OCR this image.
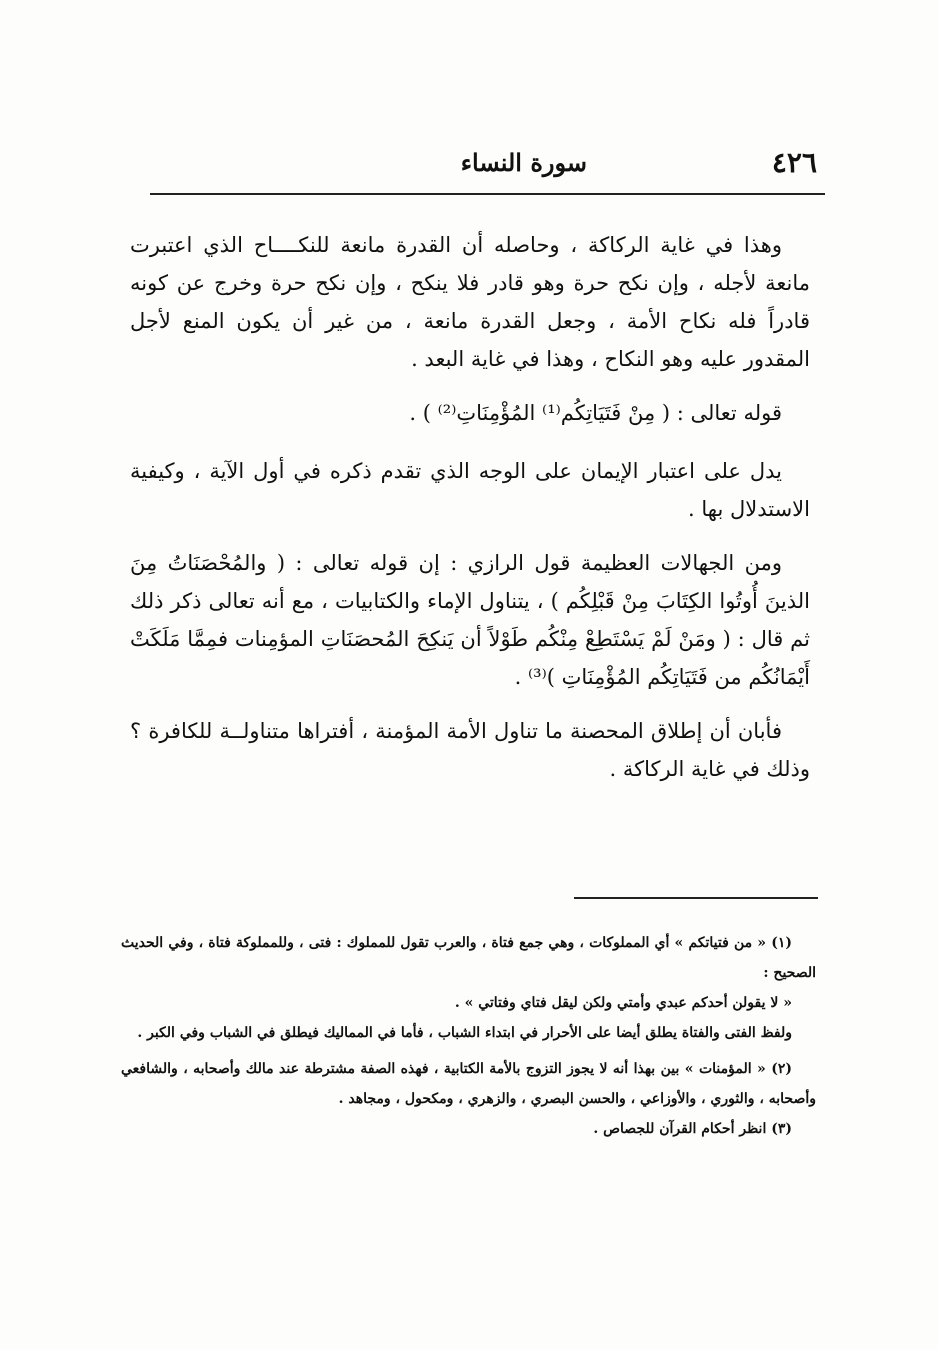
٤٢٦
سورة النساء

وهذا في غاية الركاكة ، وحاصله أن القدرة مانعة للنكــــاح الذي اعتبرت مانعة لأجله ، وإن نكح حرة وهو قادر فلا ينكح ، وإن نكح حرة وخرج عن كونه قادراً فله نكاح الأمة ، وجعل القدرة مانعة ، من غير أن يكون المنع لأجل المقدور عليه وهو النكاح ، وهذا في غاية البعد .

قوله تعالى : ( مِنْ فَتَيَاتِكُم⁽¹⁾ المُؤْمِنَاتِ⁽²⁾ ) .

يدل على اعتبار الإيمان على الوجه الذي تقدم ذكره في أول الآية ، وكيفية الاستدلال بها .

ومن الجهالات العظيمة قول الرازي : إن قوله تعالى : ( والمُحْصَنَاتُ مِنَ الذينَ أُوتُوا الكِتَابَ مِنْ قَبْلِكُم ) ، يتناول الإماء والكتابيات ، مع أنه تعالى ذكر ذلك ثم قال : ( ومَنْ لَمْ يَسْتَطِعْ مِنْكُم طَوْلاً أن يَنكِحَ المُحصَنَاتِ المؤمِنات فمِمَّا مَلَكَتْ أَيْمَانُكُم من فَتَيَاتِكُم المُؤْمِنَاتِ )⁽³⁾ .

فأبان أن إطلاق المحصنة ما تناول الأمة المؤمنة ، أفتراها متناولــة للكافرة ؟ وذلك في غاية الركاكة .

(١) « من فتياتكم » أي المملوكات ، وهي جمع فتاة ، والعرب تقول للمملوك : فتى ، وللمملوكة فتاة ، وفي الحديث الصحيح :

« لا يقولن أحدكم عبدي وأمتي ولكن ليقل فتاي وفتاتي » .

ولفظ الفتى والفتاة يطلق أيضا على الأحرار في ابتداء الشباب ، فأما في المماليك فيطلق في الشباب وفي الكبر .

(٢) « المؤمنات » بين بهذا أنه لا يجوز التزوج بالأمة الكتابية ، فهذه الصفة مشترطة عند مالك وأصحابه ، والشافعي وأصحابه ، والثوري ، والأوزاعي ، والحسن البصري ، والزهري ، ومكحول ، ومجاهد .

(٣) انظر أحكام القرآن للجصاص .
